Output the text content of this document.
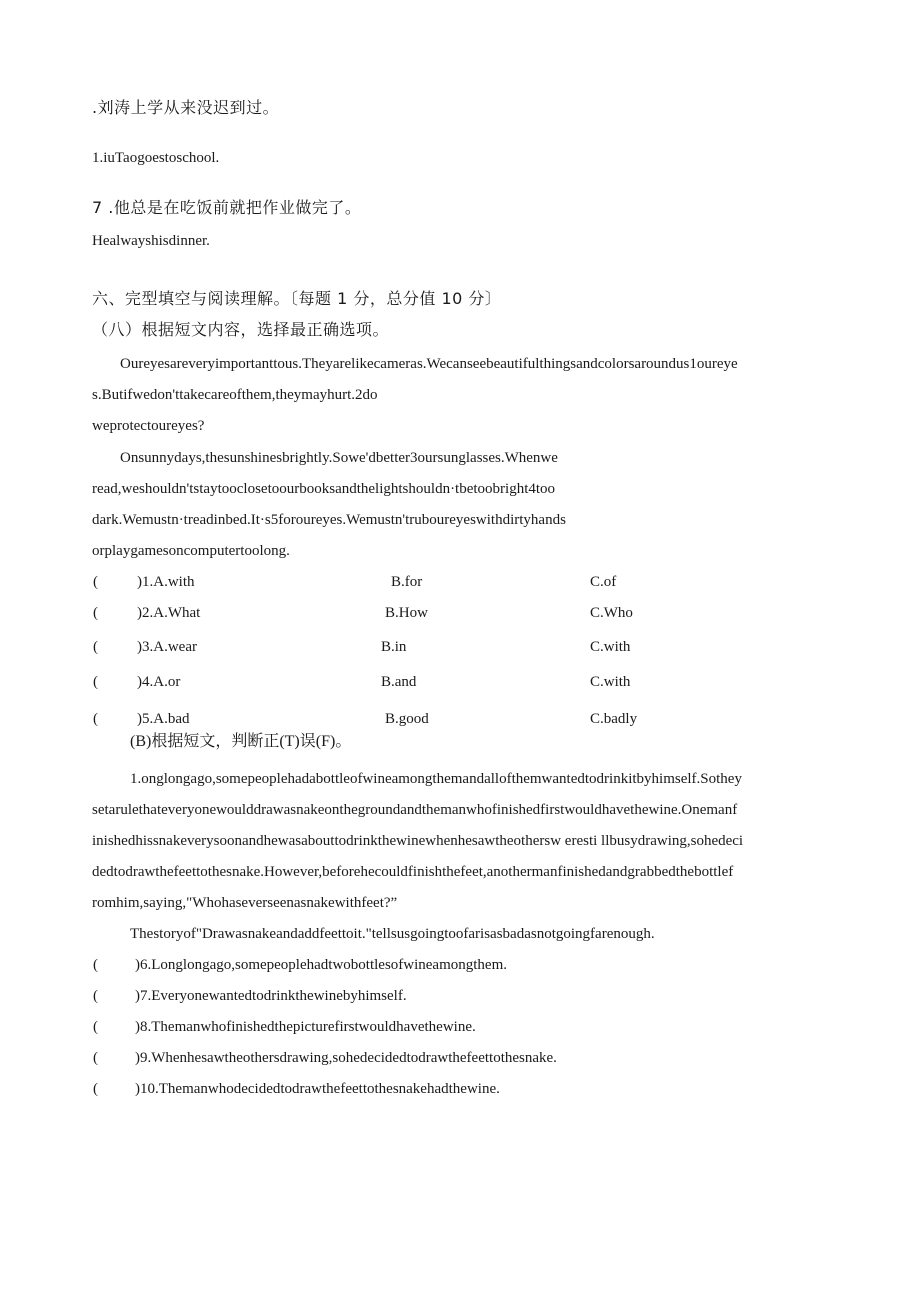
.刘涛上学从来没迟到过。
1.iuTaogoestoschool.
7 .他总是在吃饭前就把作业做完了。
Healwayshisdinner.
六、完型填空与阅读理解。〔每题 1 分，总分值 10 分〕
（八）根据短文内容，选择最正确选项。
Oureyesareveryimportanttous.Theyarelikecameras.Wecanseebeautifulthingsandcolorsaroundus1oureye
s.Butifwedon'ttakecareofthem,theymayhurt.2do
weprotectoureyes?
Onsunnydays,thesunshinesbrightly.Sowe'dbetter3oursunglasses.Whenwe
read,weshouldn'tstaytooclosetoourbooksandthelightshouldn·tbetoobright4too
dark.Wemustn·treadinbed.It·s5foroureyes.Wemustn'truboureyeswithdirtyhands
orplaygamesoncomputertoolong.
(	)1.A.with	B.for	C.of
(	)2.A.What	B.How	C.Who
(	)3.A.wear	B.in	C.with
(	)4.A.or	B.and	C.with
(	)5.A.bad	B.good	C.badly
(B)根据短文，判断正(T)误(F)。
1.onglongago,somepeoplehadabottleofwineamongthemandallofthemwantedtodrinkitbyhimself.Sothey
setarulethateveryonewoulddrawasnakeonthegroundandthemanwhofinishedfirstwouldhavethewine.Onemanf
inishedhissnakeverysoonandhewasabouttodrinkthewinewhenhesawtheothersw eresti llbusydrawing,sohedeci
dedtodrawthefeettothesnake.However,beforehecouldfinishthefeet,anothermanfinishedandgrabbedthebottlef
romhim,saying,"Whohaseverseenasnakewithfeet?”
Thestoryof"Drawasnakeandaddfeettoit."tellsusgoingtoofarisasbadasnotgoingfarenough.
( )6.Longlongago,somepeoplehadtwobottlesofwineamongthem.
( )7.Everyonewantedtodrinkthewinebyhimself.
( )8.Themanwhofinishedthepicturefirstwouldhavethewine.
( )9.Whenhesawtheothersdrawing,sohedecidedtodrawthefeettothesnake.
( )10.Themanwhodecidedtodrawthefeettothesnakehadthewine.
